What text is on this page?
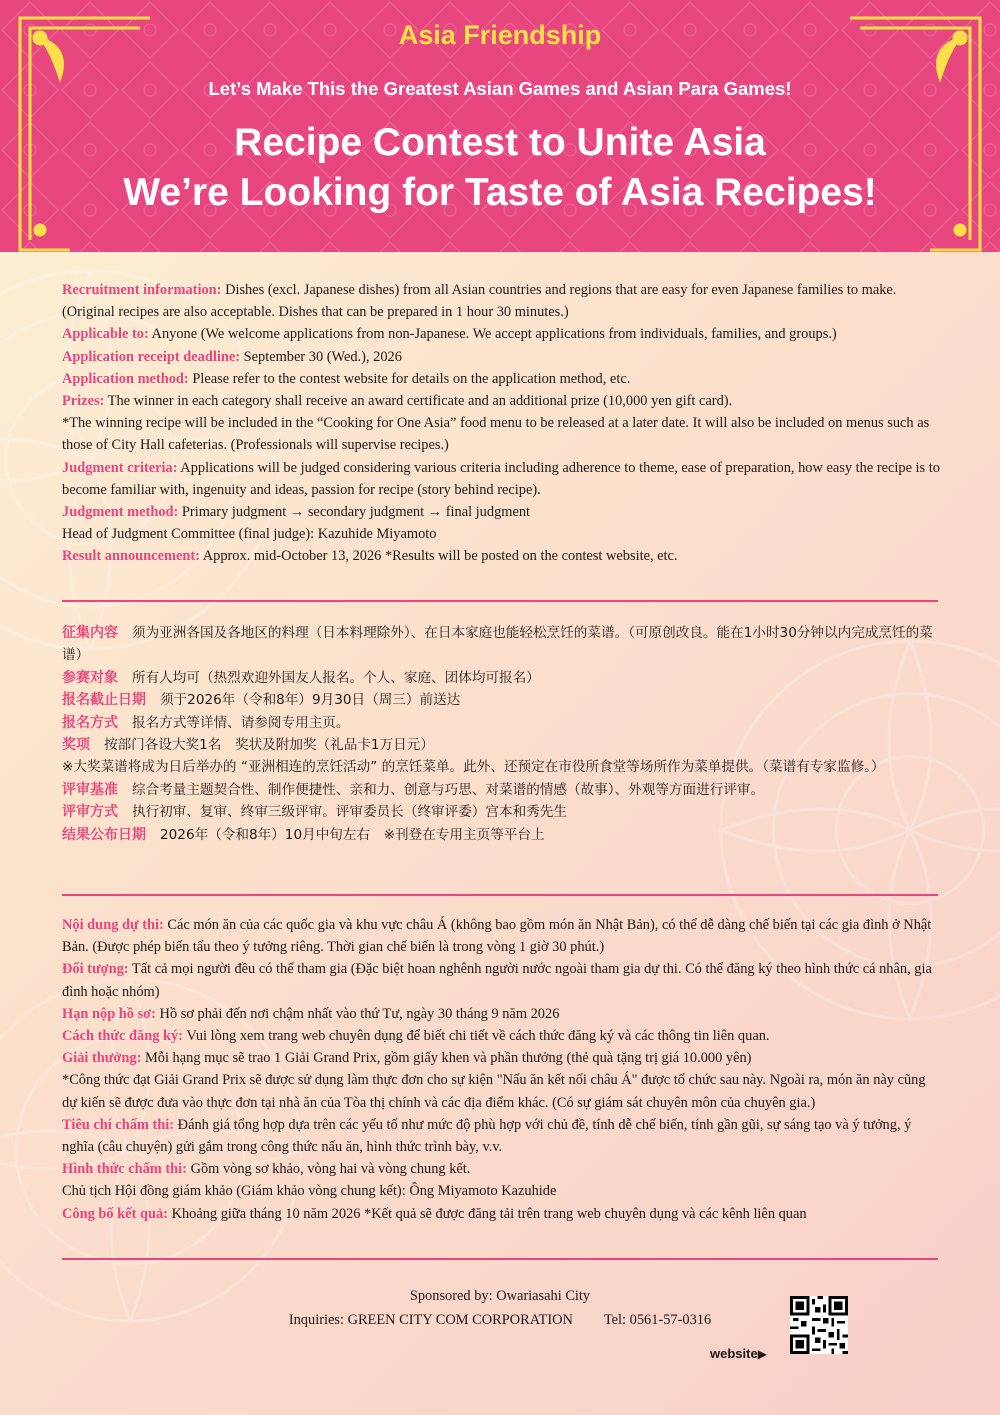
Asia Friendship
Let’s Make This the Greatest Asian Games and Asian Para Games!
Recipe Contest to Unite Asia
We’re Looking for Taste of Asia Recipes!

Recruitment information: Dishes (excl. Japanese dishes) from all Asian countries and regions that are easy for even Japanese families to make. (Original recipes are also acceptable. Dishes that can be prepared in 1 hour 30 minutes.)

Applicable to: Anyone (We welcome applications from non-Japanese. We accept applications from individuals, families, and groups.)

Application receipt deadline: September 30 (Wed.), 2026

Application method: Please refer to the contest website for details on the application method, etc.

Prizes: The winner in each category shall receive an award certificate and an additional prize (10,000 yen gift card).

*The winning recipe will be included in the “Cooking for One Asia” food menu to be released at a later date. It will also be included on menus such as those of City Hall cafeterias. (Professionals will supervise recipes.)

Judgment criteria: Applications will be judged considering various criteria including adherence to theme, ease of preparation, how easy the recipe is to become familiar with, ingenuity and ideas, passion for recipe (story behind recipe).

Judgment method: Primary judgment → secondary judgment → final judgment

Head of Judgment Committee (final judge): Kazuhide Miyamoto

Result announcement: Approx. mid-October 13, 2026 *Results will be posted on the contest website, etc.

征集内容 须为亚洲各国及各地区的料理（日本料理除外）、在日本家庭也能轻松烹饪的菜谱。（可原创改良。能在1小时30分钟以内完成烹饪的菜谱）

参赛对象 所有人均可（热烈欢迎外国友人报名。个人、家庭、团体均可报名）

报名截止日期 须于2026年（令和8年）9月30日（周三）前送达

报名方式 报名方式等详情、请参阅专用主页。

奖项 按部门各设大奖1名　奖状及附加奖（礼品卡1万日元）

※大奖菜谱将成为日后举办的 “亚洲相连的烹饪活动” 的烹饪菜单。此外、还预定在市役所食堂等场所作为菜单提供。（菜谱有专家监修。）

评审基准 综合考量主题契合性、制作便捷性、亲和力、创意与巧思、对菜谱的情感（故事）、外观等方面进行评审。

评审方式 执行初审、复审、终审三级评审。评审委员长（终审评委）宫本和秀先生

结果公布日期 2026年（令和8年）10月中旬左右　※刊登在专用主页等平台上

Nội dung dự thi: Các món ăn của các quốc gia và khu vực châu Á (không bao gồm món ăn Nhật Bản), có thể dễ dàng chế biến tại các gia đình ở Nhật Bản. (Được phép biến tấu theo ý tưởng riêng. Thời gian chế biến là trong vòng 1 giờ 30 phút.)

Đối tượng: Tất cả mọi người đều có thể tham gia (Đặc biệt hoan nghênh người nước ngoài tham gia dự thi. Có thể đăng ký theo hình thức cá nhân, gia đình hoặc nhóm)

Hạn nộp hồ sơ: Hồ sơ phải đến nơi chậm nhất vào thứ Tư, ngày 30 tháng 9 năm 2026

Cách thức đăng ký: Vui lòng xem trang web chuyên dụng để biết chi tiết về cách thức đăng ký và các thông tin liên quan.

Giải thưởng: Mỗi hạng mục sẽ trao 1 Giải Grand Prix, gồm giấy khen và phần thưởng (thẻ quà tặng trị giá 10.000 yên)

*Công thức đạt Giải Grand Prix sẽ được sử dụng làm thực đơn cho sự kiện "Nấu ăn kết nối châu Á" được tổ chức sau này. Ngoài ra, món ăn này cũng dự kiến sẽ được đưa vào thực đơn tại nhà ăn của Tòa thị chính và các địa điểm khác. (Có sự giám sát chuyên môn của chuyên gia.)

Tiêu chí chấm thi: Đánh giá tổng hợp dựa trên các yếu tố như mức độ phù hợp với chủ đề, tính dễ chế biến, tính gần gũi, sự sáng tạo và ý tưởng, ý nghĩa (câu chuyện) gửi gắm trong công thức nấu ăn, hình thức trình bày, v.v.

Hình thức chấm thi: Gồm vòng sơ khảo, vòng hai và vòng chung kết.

Chủ tịch Hội đồng giám khảo (Giám khảo vòng chung kết): Ông Miyamoto Kazuhide

Công bố kết quả: Khoảng giữa tháng 10 năm 2026 *Kết quả sẽ được đăng tải trên trang web chuyên dụng và các kênh liên quan

Sponsored by: Owariasahi City
Inquiries: GREEN CITY COM CORPORATION Tel: 0561-57-0316
website▶
